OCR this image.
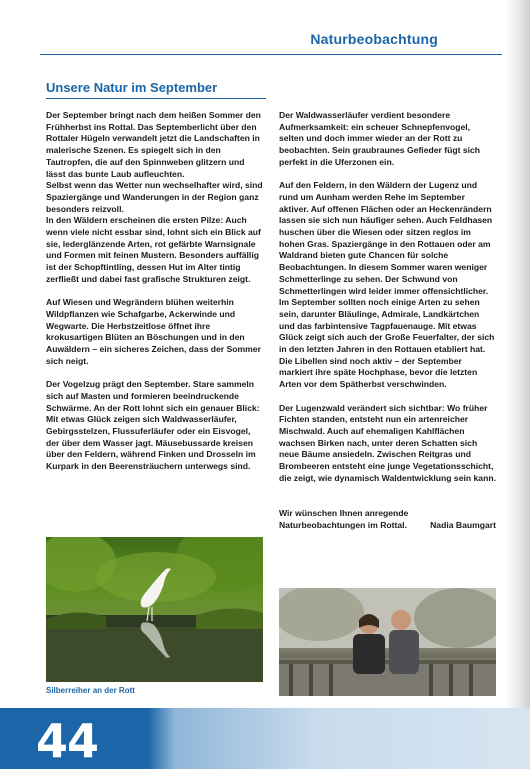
Naturbeobachtung
Unsere Natur im September

Der September bringt nach dem heißen Sommer den Frühherbst ins Rottal. Das Septemberlicht über den Rottaler Hügeln verwandelt jetzt die Landschaften in malerische Szenen. Es spiegelt sich in den Tautropfen, die auf den Spinnweben glitzern und lässt das bunte Laub aufleuchten.
Selbst wenn das Wetter nun wechselhafter wird, sind Spaziergänge und Wanderungen in der Region ganz besonders reizvoll.
In den Wäldern erscheinen die ersten Pilze: Auch wenn viele nicht essbar sind, lohnt sich ein Blick auf sie, lederglänzende Arten, rot gefärbte Warnsignale und Formen mit feinen Mustern. Besonders auffällig ist der Schopftintling, dessen Hut im Alter tintig zerfließt und dabei fast grafische Strukturen zeigt.

Auf Wiesen und Wegrändern blühen weiterhin Wildpflanzen wie Schafgarbe, Ackerwinde und Wegwarte. Die Herbstzeitlose öffnet ihre krokusartigen Blüten an Böschungen und in den Auwäldern – ein sicheres Zeichen, dass der Sommer sich neigt.

Der Vogelzug prägt den September. Stare sammeln sich auf Masten und formieren beeindruckende Schwärme. An der Rott lohnt sich ein genauer Blick: Mit etwas Glück zeigen sich Waldwasserläufer, Gebirgsstelzen, Flussuferläufer oder ein Eisvogel, der über dem Wasser jagt. Mäusebussarde kreisen über den Feldern, während Finken und Drosseln im Kurpark in den Beerensträuchern unterwegs sind.

Der Waldwasserläufer verdient besondere Aufmerksamkeit: ein scheuer Schnepfenvogel, selten und doch immer wieder an der Rott zu beobachten. Sein graubraunes Gefieder fügt sich perfekt in die Uferzonen ein.

Auf den Feldern, in den Wäldern der Lugenz und rund um Aunham werden Rehe im September aktiver. Auf offenen Flächen oder an Heckenrändern lassen sie sich nun häufiger sehen. Auch Feldhasen huschen über die Wiesen oder sitzen reglos im hohen Gras. Spaziergänge in den Rottauen oder am Waldrand bieten gute Chancen für solche Beobachtungen. In diesem Sommer waren weniger Schmetterlinge zu sehen. Der Schwund von Schmetterlingen wird leider immer offensichtlicher. Im September sollten noch einige Arten zu sehen sein, darunter Bläulinge, Admirale, Landkärtchen und das farbintensive Tagpfauenauge. Mit etwas Glück zeigt sich auch der Große Feuerfalter, der sich in den letzten Jahren in den Rottauen etabliert hat.
Die Libellen sind noch aktiv – der September markiert ihre späte Hochphase, bevor die letzten Arten vor dem Spätherbst verschwinden.

Der Lugenzwald verändert sich sichtbar: Wo früher Fichten standen, entsteht nun ein artenreicher Mischwald. Auch auf ehemaligen Kahlflächen wachsen Birken nach, unter deren Schatten sich neue Bäume ansiedeln. Zwischen Reitgras und Brombeeren entsteht eine junge Vegetationsschicht, die zeigt, wie dynamisch Waldentwicklung sein kann.

Wir wünschen Ihnen anregende Naturbeobachtungen im Rottal.	Nadia Baumgart
Silberreiher an der Rott
44
